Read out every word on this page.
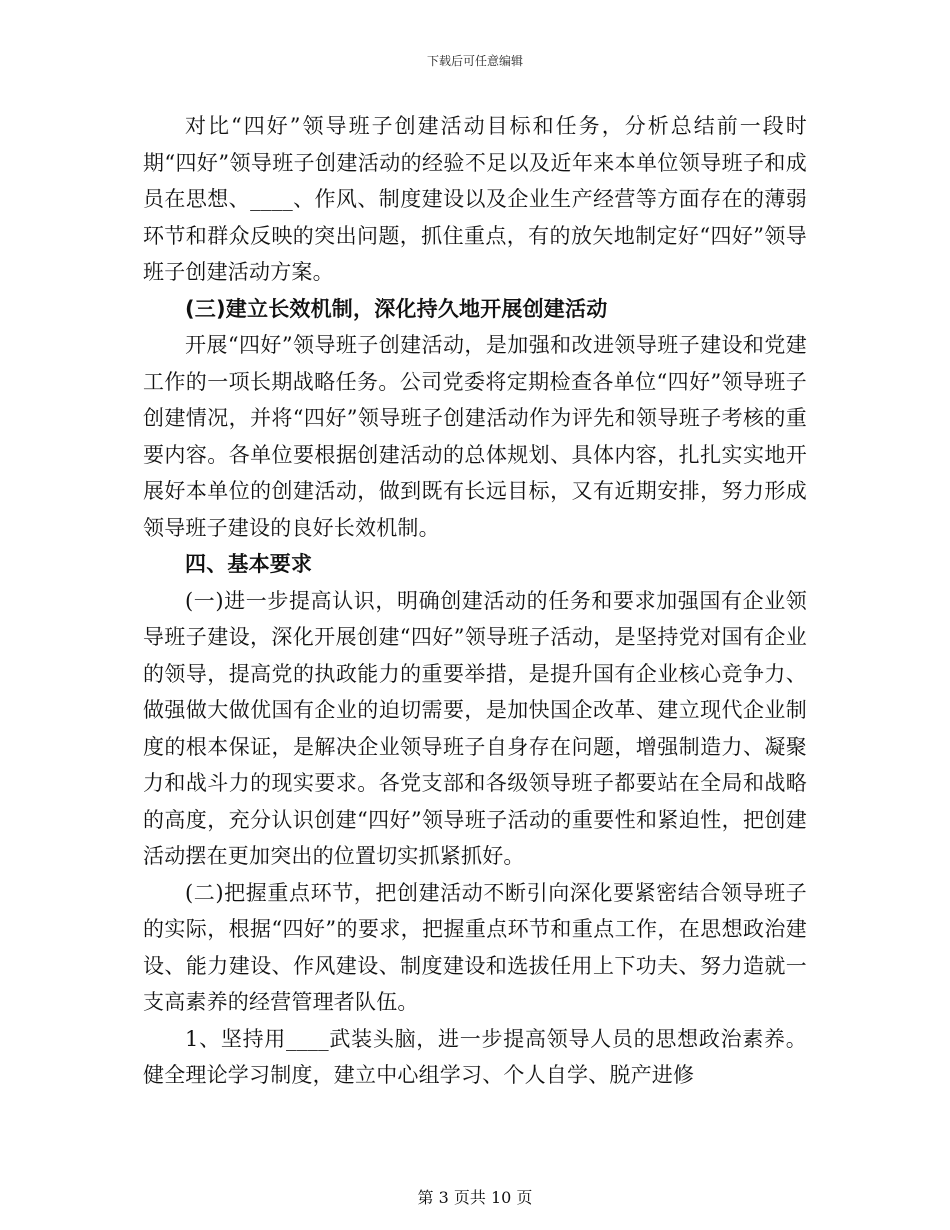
下载后可任意编辑

对比“四好”领导班子创建活动目标和任务，分析总结前一段时期“四好”领导班子创建活动的经验不足以及近年来本单位领导班子和成员在思想、____、作风、制度建设以及企业生产经营等方面存在的薄弱环节和群众反映的突出问题，抓住重点，有的放矢地制定好“四好”领导班子创建活动方案。

(三)建立长效机制，深化持久地开展创建活动

开展“四好”领导班子创建活动，是加强和改进领导班子建设和党建工作的一项长期战略任务。公司党委将定期检查各单位“四好”领导班子创建情况，并将“四好”领导班子创建活动作为评先和领导班子考核的重要内容。各单位要根据创建活动的总体规划、具体内容，扎扎实实地开展好本单位的创建活动，做到既有长远目标，又有近期安排，努力形成领导班子建设的良好长效机制。

四、基本要求

(一)进一步提高认识，明确创建活动的任务和要求加强国有企业领导班子建设，深化开展创建“四好”领导班子活动，是坚持党对国有企业的领导，提高党的执政能力的重要举措，是提升国有企业核心竞争力、做强做大做优国有企业的迫切需要，是加快国企改革、建立现代企业制度的根本保证，是解决企业领导班子自身存在问题，增强制造力、凝聚力和战斗力的现实要求。各党支部和各级领导班子都要站在全局和战略的高度，充分认识创建“四好”领导班子活动的重要性和紧迫性，把创建活动摆在更加突出的位置切实抓紧抓好。

(二)把握重点环节，把创建活动不断引向深化要紧密结合领导班子的实际，根据“四好”的要求，把握重点环节和重点工作，在思想政治建设、能力建设、作风建设、制度建设和选拔任用上下功夫、努力造就一支高素养的经营管理者队伍。

1、坚持用____武装头脑，进一步提高领导人员的思想政治素养。健全理论学习制度，建立中心组学习、个人自学、脱产进修

第 3 页共 10 页
